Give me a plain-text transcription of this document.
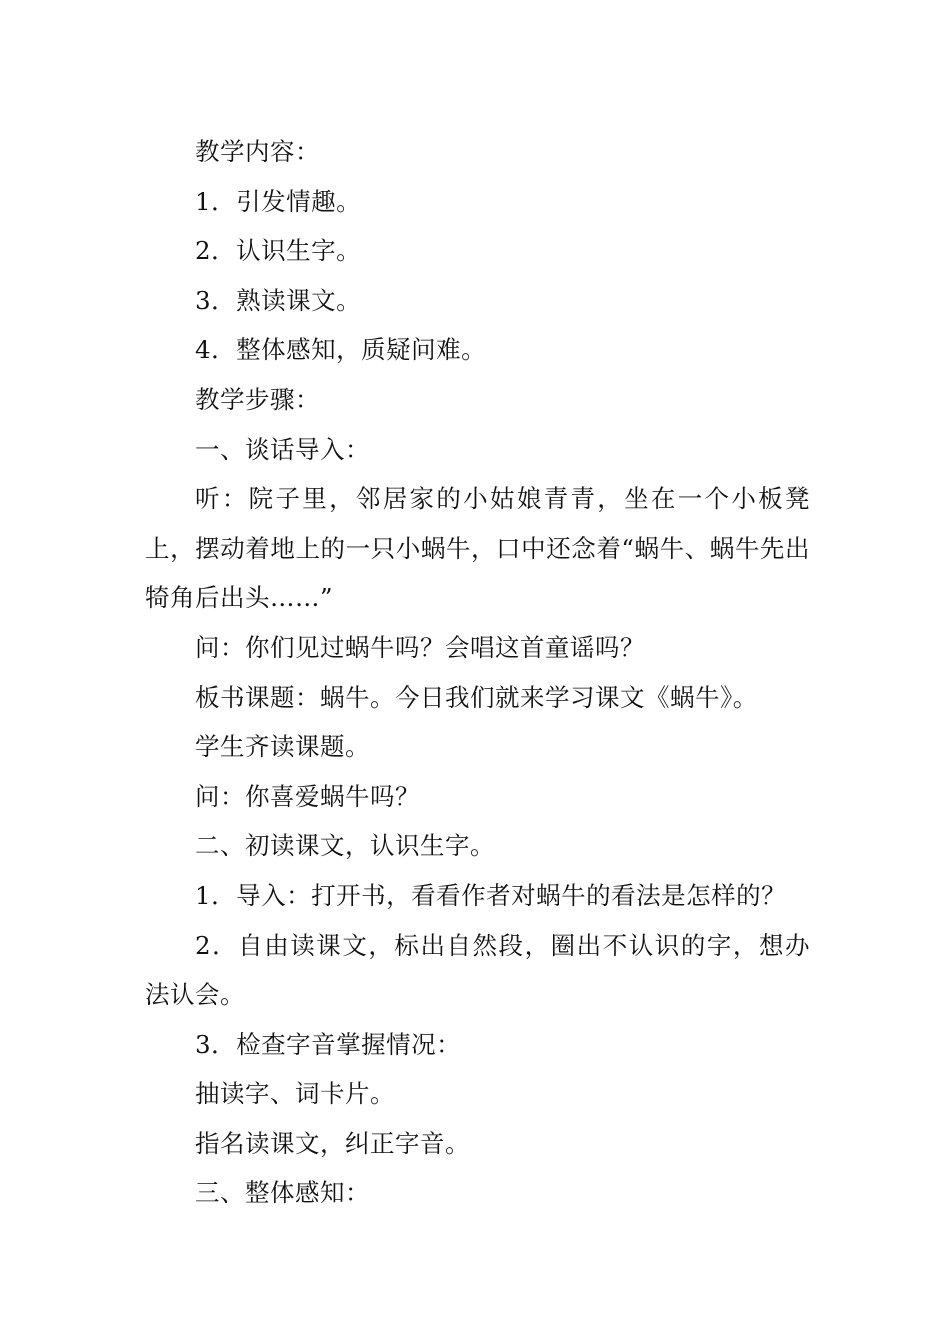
教学内容：

1．引发情趣。

2．认识生字。

3．熟读课文。

4．整体感知，质疑问难。

教学步骤：

一、谈话导入：

听：院子里，邻居家的小姑娘青青，坐在一个小板凳上，摆动着地上的一只小蜗牛，口中还念着“蜗牛、蜗牛先出犄角后出头……”

问：你们见过蜗牛吗？会唱这首童谣吗？

板书课题：蜗牛。今日我们就来学习课文《蜗牛》。

学生齐读课题。

问：你喜爱蜗牛吗？

二、初读课文，认识生字。

1．导入：打开书，看看作者对蜗牛的看法是怎样的？

2．自由读课文，标出自然段，圈出不认识的字，想办法认会。

3．检查字音掌握情况：

抽读字、词卡片。

指名读课文，纠正字音。

三、整体感知：
